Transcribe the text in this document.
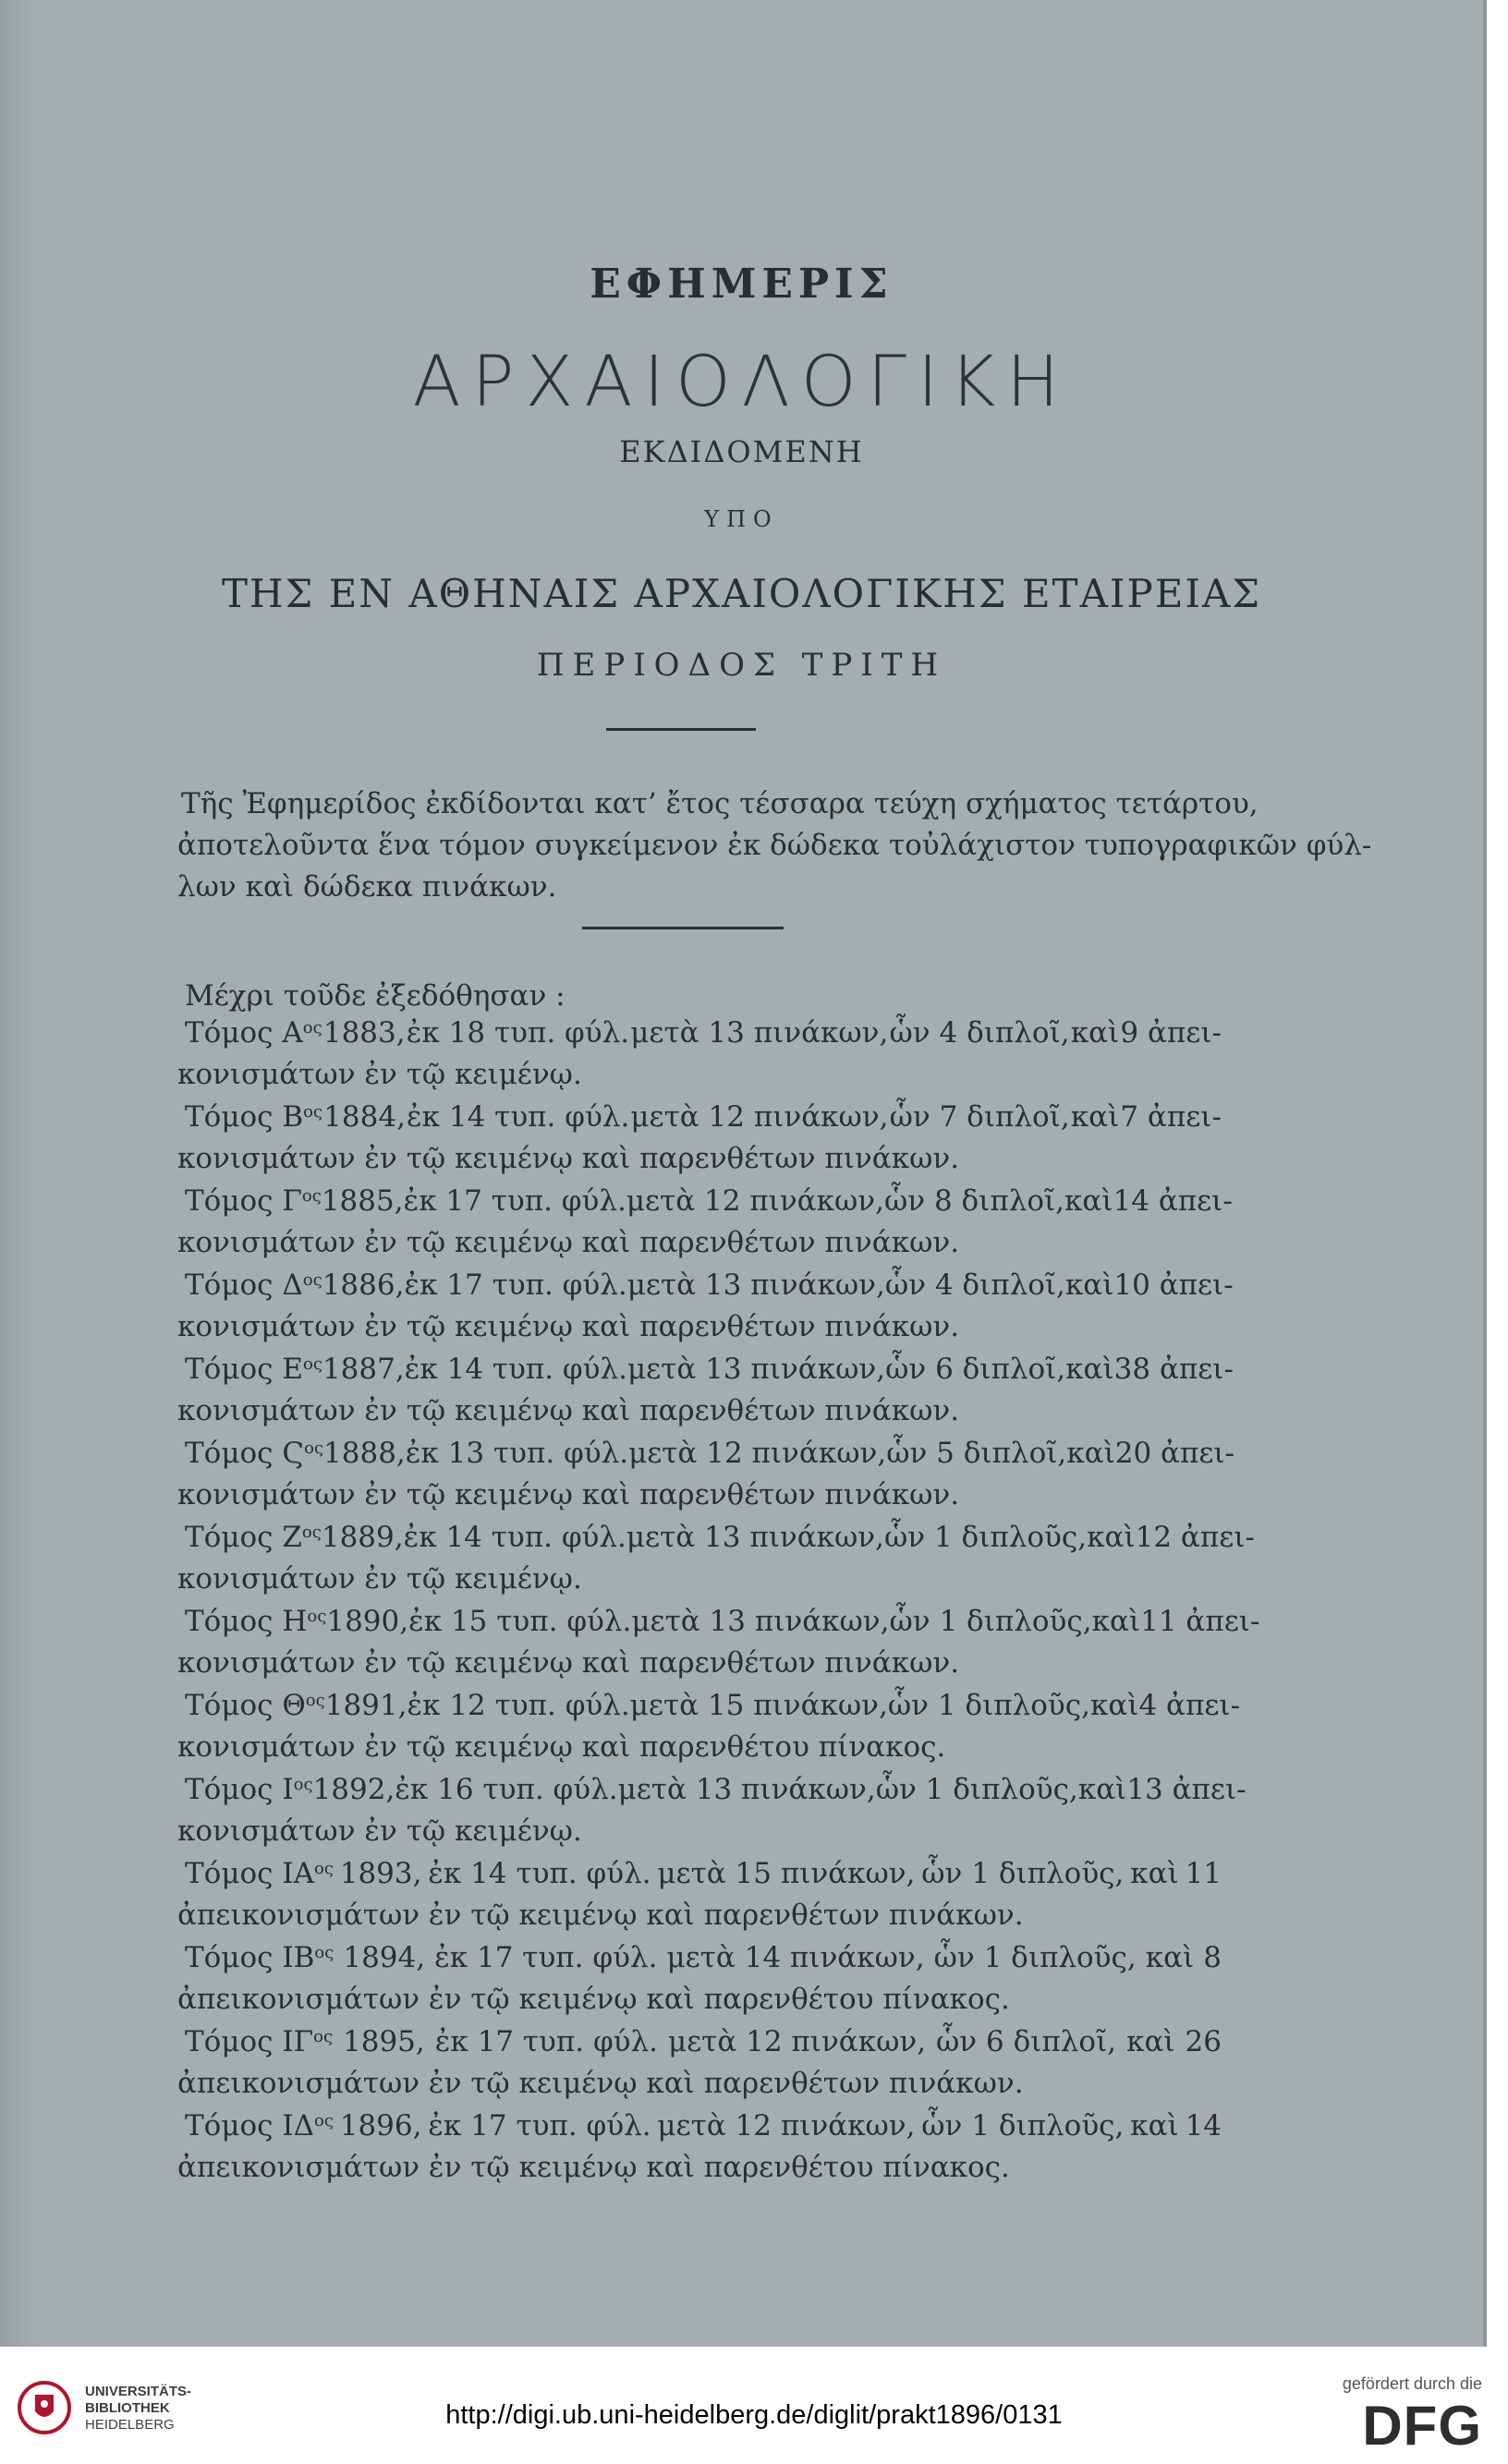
ΕΦΗΜΕΡΙΣ
ΑΡΧΑΙΟΛΟΓΙΚΗ
ΕΚΔΙΔΟΜΕΝΗ
ΥΠΟ
ΤΗΣ ΕΝ ΑΘΗΝΑΙΣ ΑΡΧΑΙΟΛΟΓΙΚΗΣ ΕΤΑΙΡΕΙΑΣ
ΠΕΡΙΟΔΟΣ ΤΡΙΤΗ
Τῆς Ἐφημερίδος ἐκδίδονται κατ’ ἔτος τέσσαρα τεύχη σχήματος τετάρτου,
ἀποτελοῦντα ἕνα τόμον συγκείμενον ἐκ δώδεκα τοὐλάχιστον τυπογραφικῶν φύλ-
λων καὶ δώδεκα πινάκων.
Μέχρι τοῦδε ἐξεδόθησαν :
Τόμος $A^{o\varsigma}$ 1883, ἐκ 18 τυπ. φύλ. μετὰ 13 πινάκων, ὧν 4 διπλοῖ, καὶ 9 ἀπει-
κονισμάτων ἐν τῷ κειμένῳ.
Τόμος $B^{o\varsigma}$ 1884, ἐκ 14 τυπ. φύλ. μετὰ 12 πινάκων, ὧν 7 διπλοῖ, καὶ 7 ἀπει-
κονισμάτων ἐν τῷ κειμένῳ καὶ παρενθέτων πινάκων.
Τόμος $\Gamma^{o\varsigma}$ 1885, ἐκ 17 τυπ. φύλ. μετὰ 12 πινάκων, ὧν 8 διπλοῖ, καὶ 14 ἀπει-
κονισμάτων ἐν τῷ κειμένῳ καὶ παρενθέτων πινάκων.
Τόμος $\Delta^{o\varsigma}$ 1886, ἐκ 17 τυπ. φύλ. μετὰ 13 πινάκων, ὧν 4 διπλοῖ, καὶ 10 ἀπει-
κονισμάτων ἐν τῷ κειμένῳ καὶ παρενθέτων πινάκων.
Τόμος $E^{o\varsigma}$ 1887, ἐκ 14 τυπ. φύλ. μετὰ 13 πινάκων, ὧν 6 διπλοῖ, καὶ 38 ἀπει-
κονισμάτων ἐν τῷ κειμένῳ καὶ παρενθέτων πινάκων.
Τόμος $Ϛ^{o\varsigma}$ 1888, ἐκ 13 τυπ. φύλ. μετὰ 12 πινάκων, ὧν 5 διπλοῖ, καὶ 20 ἀπει-
κονισμάτων ἐν τῷ κειμένῳ καὶ παρενθέτων πινάκων.
Τόμος $Z^{o\varsigma}$ 1889, ἐκ 14 τυπ. φύλ. μετὰ 13 πινάκων, ὧν 1 διπλοῦς, καὶ 12 ἀπει-
κονισμάτων ἐν τῷ κειμένῳ.
Τόμος $H^{o\varsigma}$ 1890, ἐκ 15 τυπ. φύλ. μετὰ 13 πινάκων, ὧν 1 διπλοῦς, καὶ 11 ἀπει-
κονισμάτων ἐν τῷ κειμένῳ καὶ παρενθέτων πινάκων.
Τόμος $\Theta^{o\varsigma}$ 1891, ἐκ 12 τυπ. φύλ. μετὰ 15 πινάκων, ὧν 1 διπλοῦς, καὶ 4 ἀπει-
κονισμάτων ἐν τῷ κειμένῳ καὶ παρενθέτου πίνακος.
Τόμος $I^{o\varsigma}$ 1892, ἐκ 16 τυπ. φύλ. μετὰ 13 πινάκων, ὧν 1 διπλοῦς, καὶ 13 ἀπει-
κονισμάτων ἐν τῷ κειμένῳ.
Τόμος $IA^{o\varsigma}$ 1893, ἐκ 14 τυπ. φύλ. μετὰ 15 πινάκων, ὧν 1 διπλοῦς, καὶ 11
ἀπεικονισμάτων ἐν τῷ κειμένῳ καὶ παρενθέτων πινάκων.
Τόμος $IB^{o\varsigma}$ 1894, ἐκ 17 τυπ. φύλ. μετὰ 14 πινάκων, ὧν 1 διπλοῦς, καὶ 8
ἀπεικονισμάτων ἐν τῷ κειμένῳ καὶ παρενθέτου πίνακος.
Τόμος $I\Gamma^{o\varsigma}$ 1895, ἐκ 17 τυπ. φύλ. μετὰ 12 πινάκων, ὧν 6 διπλοῖ, καὶ 26
ἀπεικονισμάτων ἐν τῷ κειμένῳ καὶ παρενθέτων πινάκων.
Τόμος $I\Delta^{o\varsigma}$ 1896, ἐκ 17 τυπ. φύλ. μετὰ 12 πινάκων, ὧν 1 διπλοῦς, καὶ 14
ἀπεικονισμάτων ἐν τῷ κειμένῳ καὶ παρενθέτου πίνακος.
UNIVERSITÄTS-
BIBLIOTHEK
HEIDELBERG	http://digi.ub.uni-heidelberg.de/diglit/prakt1896/0131
gefördert durch die
DFG
